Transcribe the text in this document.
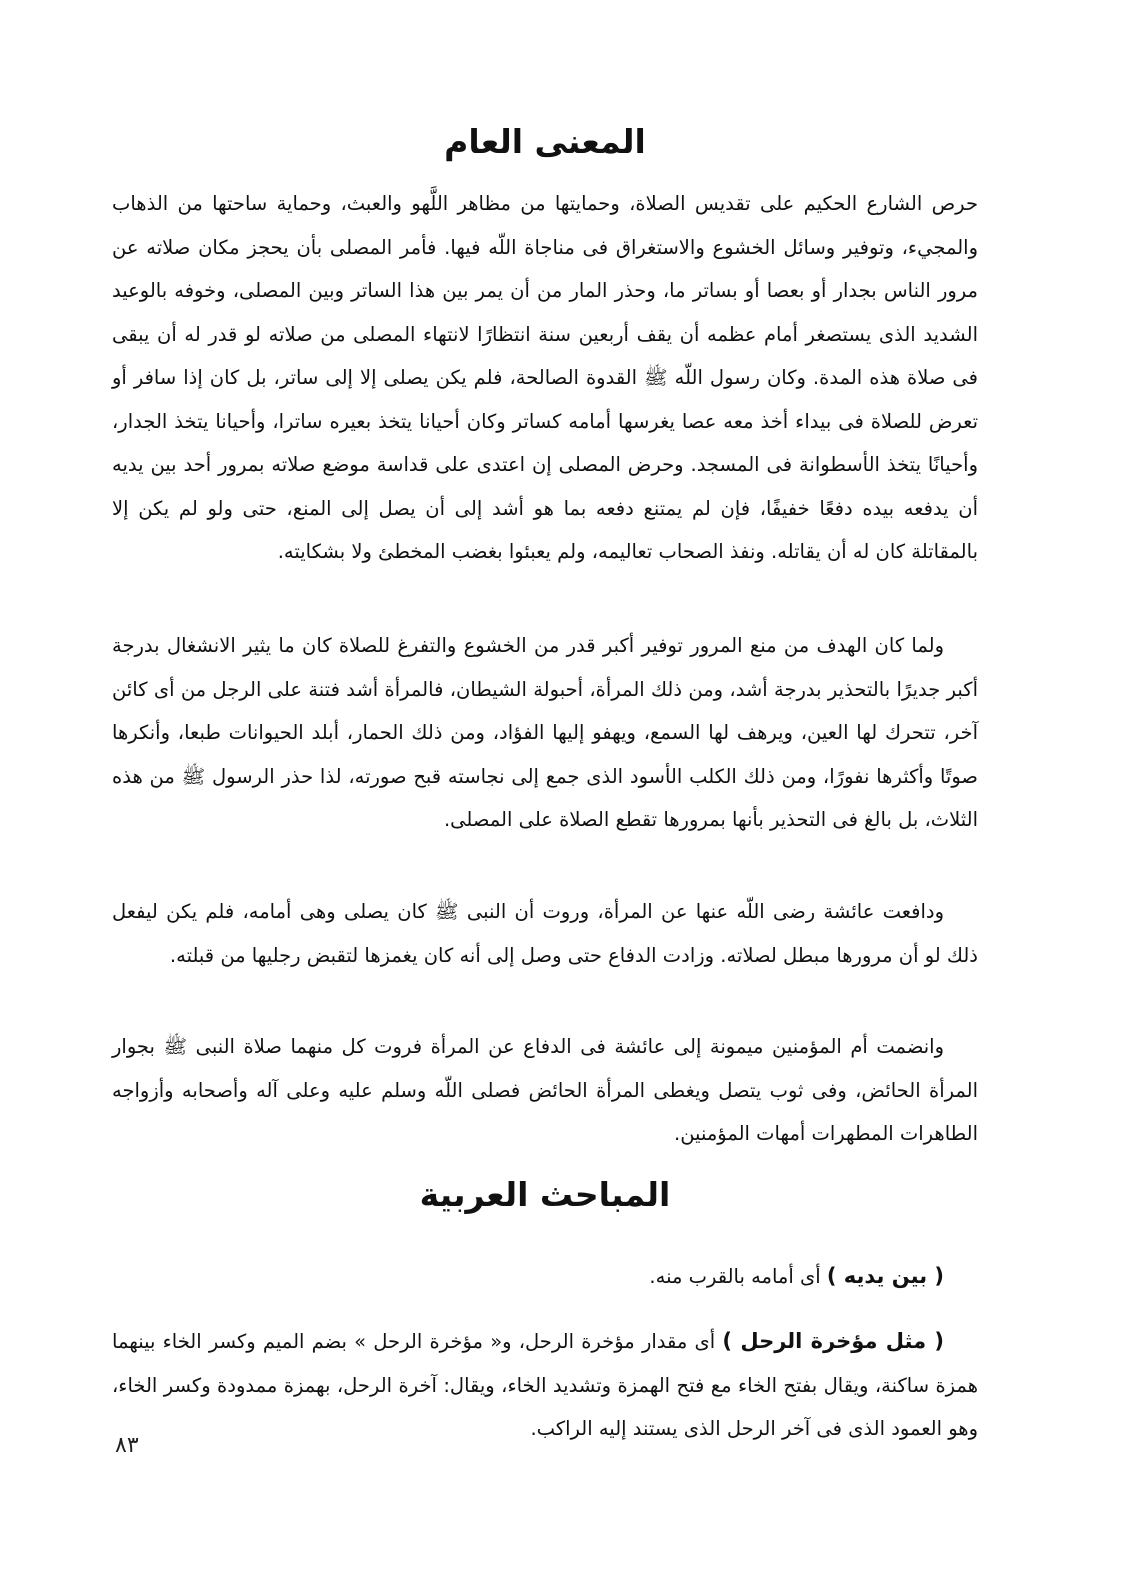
المعنى العام

حرص الشارع الحكيم على تقديس الصلاة، وحمايتها من مظاهر اللَّهو والعبث، وحماية ساحتها من الذهاب والمجيء، وتوفير وسائل الخشوع والاستغراق فى مناجاة اللّه فيها. فأمر المصلى بأن يحجز مكان صلاته عن مرور الناس بجدار أو بعصا أو بساتر ما، وحذر المار من أن يمر بين هذا الساتر وبين المصلى، وخوفه بالوعيد الشديد الذى يستصغر أمام عظمه أن يقف أربعين سنة انتظارًا لانتهاء المصلى من صلاته لو قدر له أن يبقى فى صلاة هذه المدة. وكان رسول اللّه ﷺ القدوة الصالحة، فلم يكن يصلى إلا إلى ساتر، بل كان إذا سافر أو تعرض للصلاة فى بيداء أخذ معه عصا يغرسها أمامه كساتر وكان أحيانا يتخذ بعيره ساترا، وأحيانا يتخذ الجدار، وأحيانًا يتخذ الأسطوانة فى المسجد. وحرض المصلى إن اعتدى على قداسة موضع صلاته بمرور أحد بين يديه أن يدفعه بيده دفعًا خفيفًا، فإن لم يمتنع دفعه بما هو أشد إلى أن يصل إلى المنع، حتى ولو لم يكن إلا بالمقاتلة كان له أن يقاتله. ونفذ الصحاب تعاليمه، ولم يعبئوا بغضب المخطئ ولا بشكايته.

ولما كان الهدف من منع المرور توفير أكبر قدر من الخشوع والتفرغ للصلاة كان ما يثير الانشغال بدرجة أكبر جديرًا بالتحذير بدرجة أشد، ومن ذلك المرأة، أحبولة الشيطان، فالمرأة أشد فتنة على الرجل من أى كائن آخر، تتحرك لها العين، ويرهف لها السمع، ويهفو إليها الفؤاد، ومن ذلك الحمار، أبلد الحيوانات طبعا، وأنكرها صوتًا وأكثرها نفورًا، ومن ذلك الكلب الأسود الذى جمع إلى نجاسته قبح صورته، لذا حذر الرسول ﷺ من هذه الثلاث، بل بالغ فى التحذير بأنها بمرورها تقطع الصلاة على المصلى.

ودافعت عائشة رضى اللّه عنها عن المرأة، وروت أن النبى ﷺ كان يصلى وهى أمامه، فلم يكن ليفعل ذلك لو أن مرورها مبطل لصلاته. وزادت الدفاع حتى وصل إلى أنه كان يغمزها لتقبض رجليها من قبلته.

وانضمت أم المؤمنين ميمونة إلى عائشة فى الدفاع عن المرأة فروت كل منهما صلاة النبى ﷺ بجوار المرأة الحائض، وفى ثوب يتصل ويغطى المرأة الحائض فصلى اللّه وسلم عليه وعلى آله وأصحابه وأزواجه الطاهرات المطهرات أمهات المؤمنين.

المباحث العربية

( بين يديه ) أى أمامه بالقرب منه.

( مثل مؤخرة الرحل ) أى مقدار مؤخرة الرحل، و« مؤخرة الرحل » بضم الميم وكسر الخاء بينهما همزة ساكنة، ويقال بفتح الخاء مع فتح الهمزة وتشديد الخاء، ويقال: آخرة الرحل، بهمزة ممدودة وكسر الخاء، وهو العمود الذى فى آخر الرحل الذى يستند إليه الراكب.

٨٣
